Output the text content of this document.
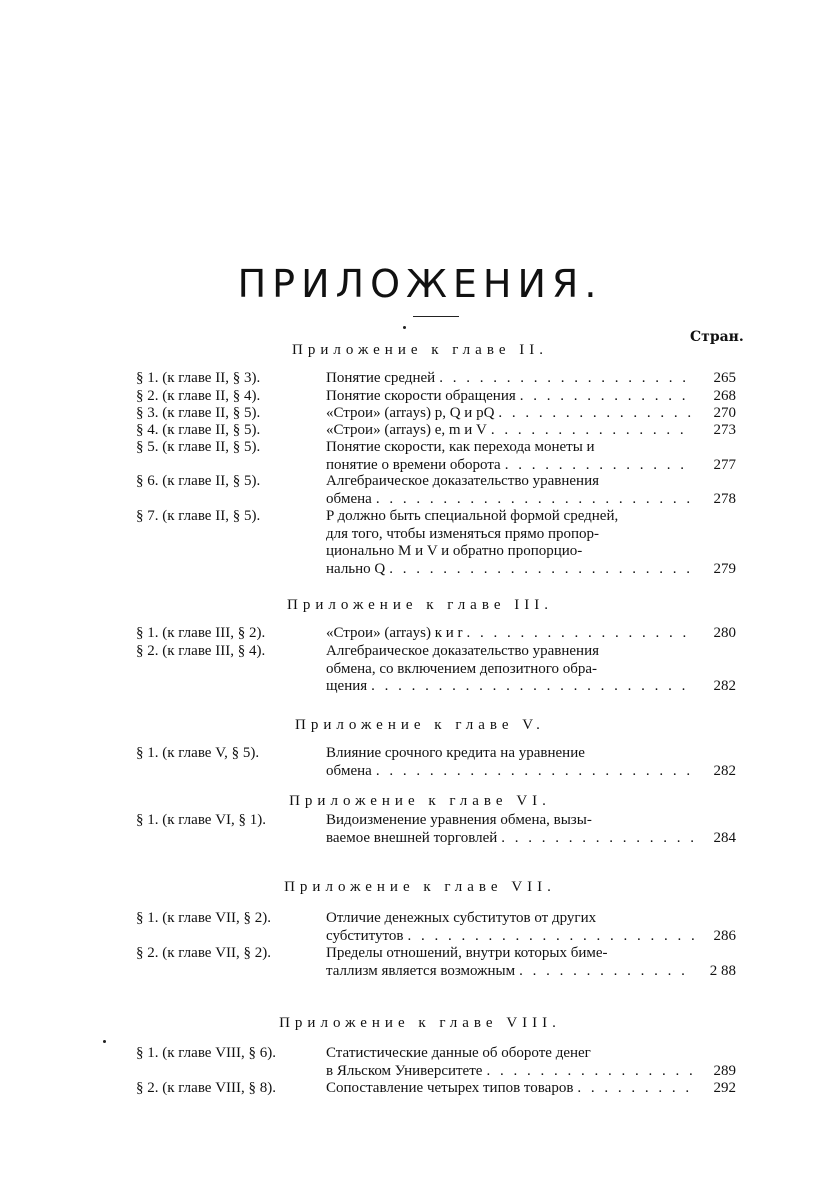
ПРИЛОЖЕНИЯ.
Стран.
Приложение к главе II.
§ 1. (к главе II, § 3).	Понятие средней . . .	265
§ 2. (к главе II, § 4).	Понятие скорости обращения . . .	268
§ 3. (к главе II, § 5).	«Строи» (arrays) p, Q и pQ . . .	270
§ 4. (к главе II, § 5).	«Строи» (arrays) e, m и V . . .	273
§ 5. (к главе II, § 5).	Понятие скорости, как перехода монеты и
понятие о времени оборота . . .	277
§ 6. (к главе II, § 5).	Алгебраическое доказательство уравнения
обмена . . .	278
§ 7. (к главе II, § 5).	P должно быть специальной формой средней,
для того, чтобы изменяться прямо пропор-
ционально M и V и обратно пропорцио-
нально Q . . .	279
Приложение к главе III.
§ 1. (к главе III, § 2).	«Строи» (arrays) к и r . . .	280
§ 2. (к главе III, § 4).	Алгебраическое доказательство уравнения
обмена, со включением депозитного обра-
щения . . .	282
Приложение к главе V.
§ 1. (к главе V, § 5).	Влияние срочного кредита на уравнение
обмена . . .	282
Приложение к главе VI.
§ 1. (к главе VI, § 1).	Видоизменение уравнения обмена, вызы-
ваемое внешней торговлей . . .	284
Приложение к главе VII.
§ 1. (к главе VII, § 2).	Отличие денежных субститутов от других
субститутов . . .	286
§ 2. (к главе VII, § 2).	Пределы отношений, внутри которых биме-
таллизм является возможным . . .	2 88
Приложение к главе VIII.
§ 1. (к главе VIII, § 6).	Статистические данные об обороте денег
в Яльском Университете . . .	289
§ 2. (к главе VIII, § 8).	Сопоставление четырех типов товаров . . .	292
